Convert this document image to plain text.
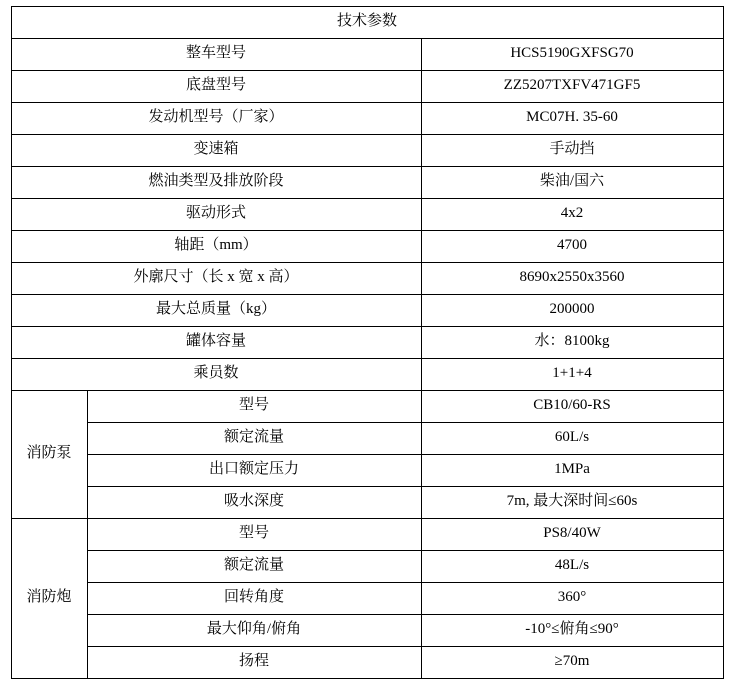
技术参数		
整车型号		HCS5190GXFSG70
底盘型号		ZZ5207TXFV471GF5
发动机型号（厂家）		MC07H. 35-60
变速箱		手动挡
燃油类型及排放阶段		柴油/国六
驱动形式		4x2
轴距（mm）		4700
外廓尺寸（长 x 宽 x 高）		8690x2550x3560
最大总质量（kg）		200000
罐体容量		水：8100kg
乘员数		1+1+4
消防泵	型号	CB10/60-RS
	额定流量	60L/s
	出口额定压力	1MPa
	吸水深度	7m, 最大深时间≤60s
消防炮	型号	PS8/40W
	额定流量	48L/s
	回转角度	360°
	最大仰角/俯角	-10°≤俯角≤90°
	扬程	≥70m
